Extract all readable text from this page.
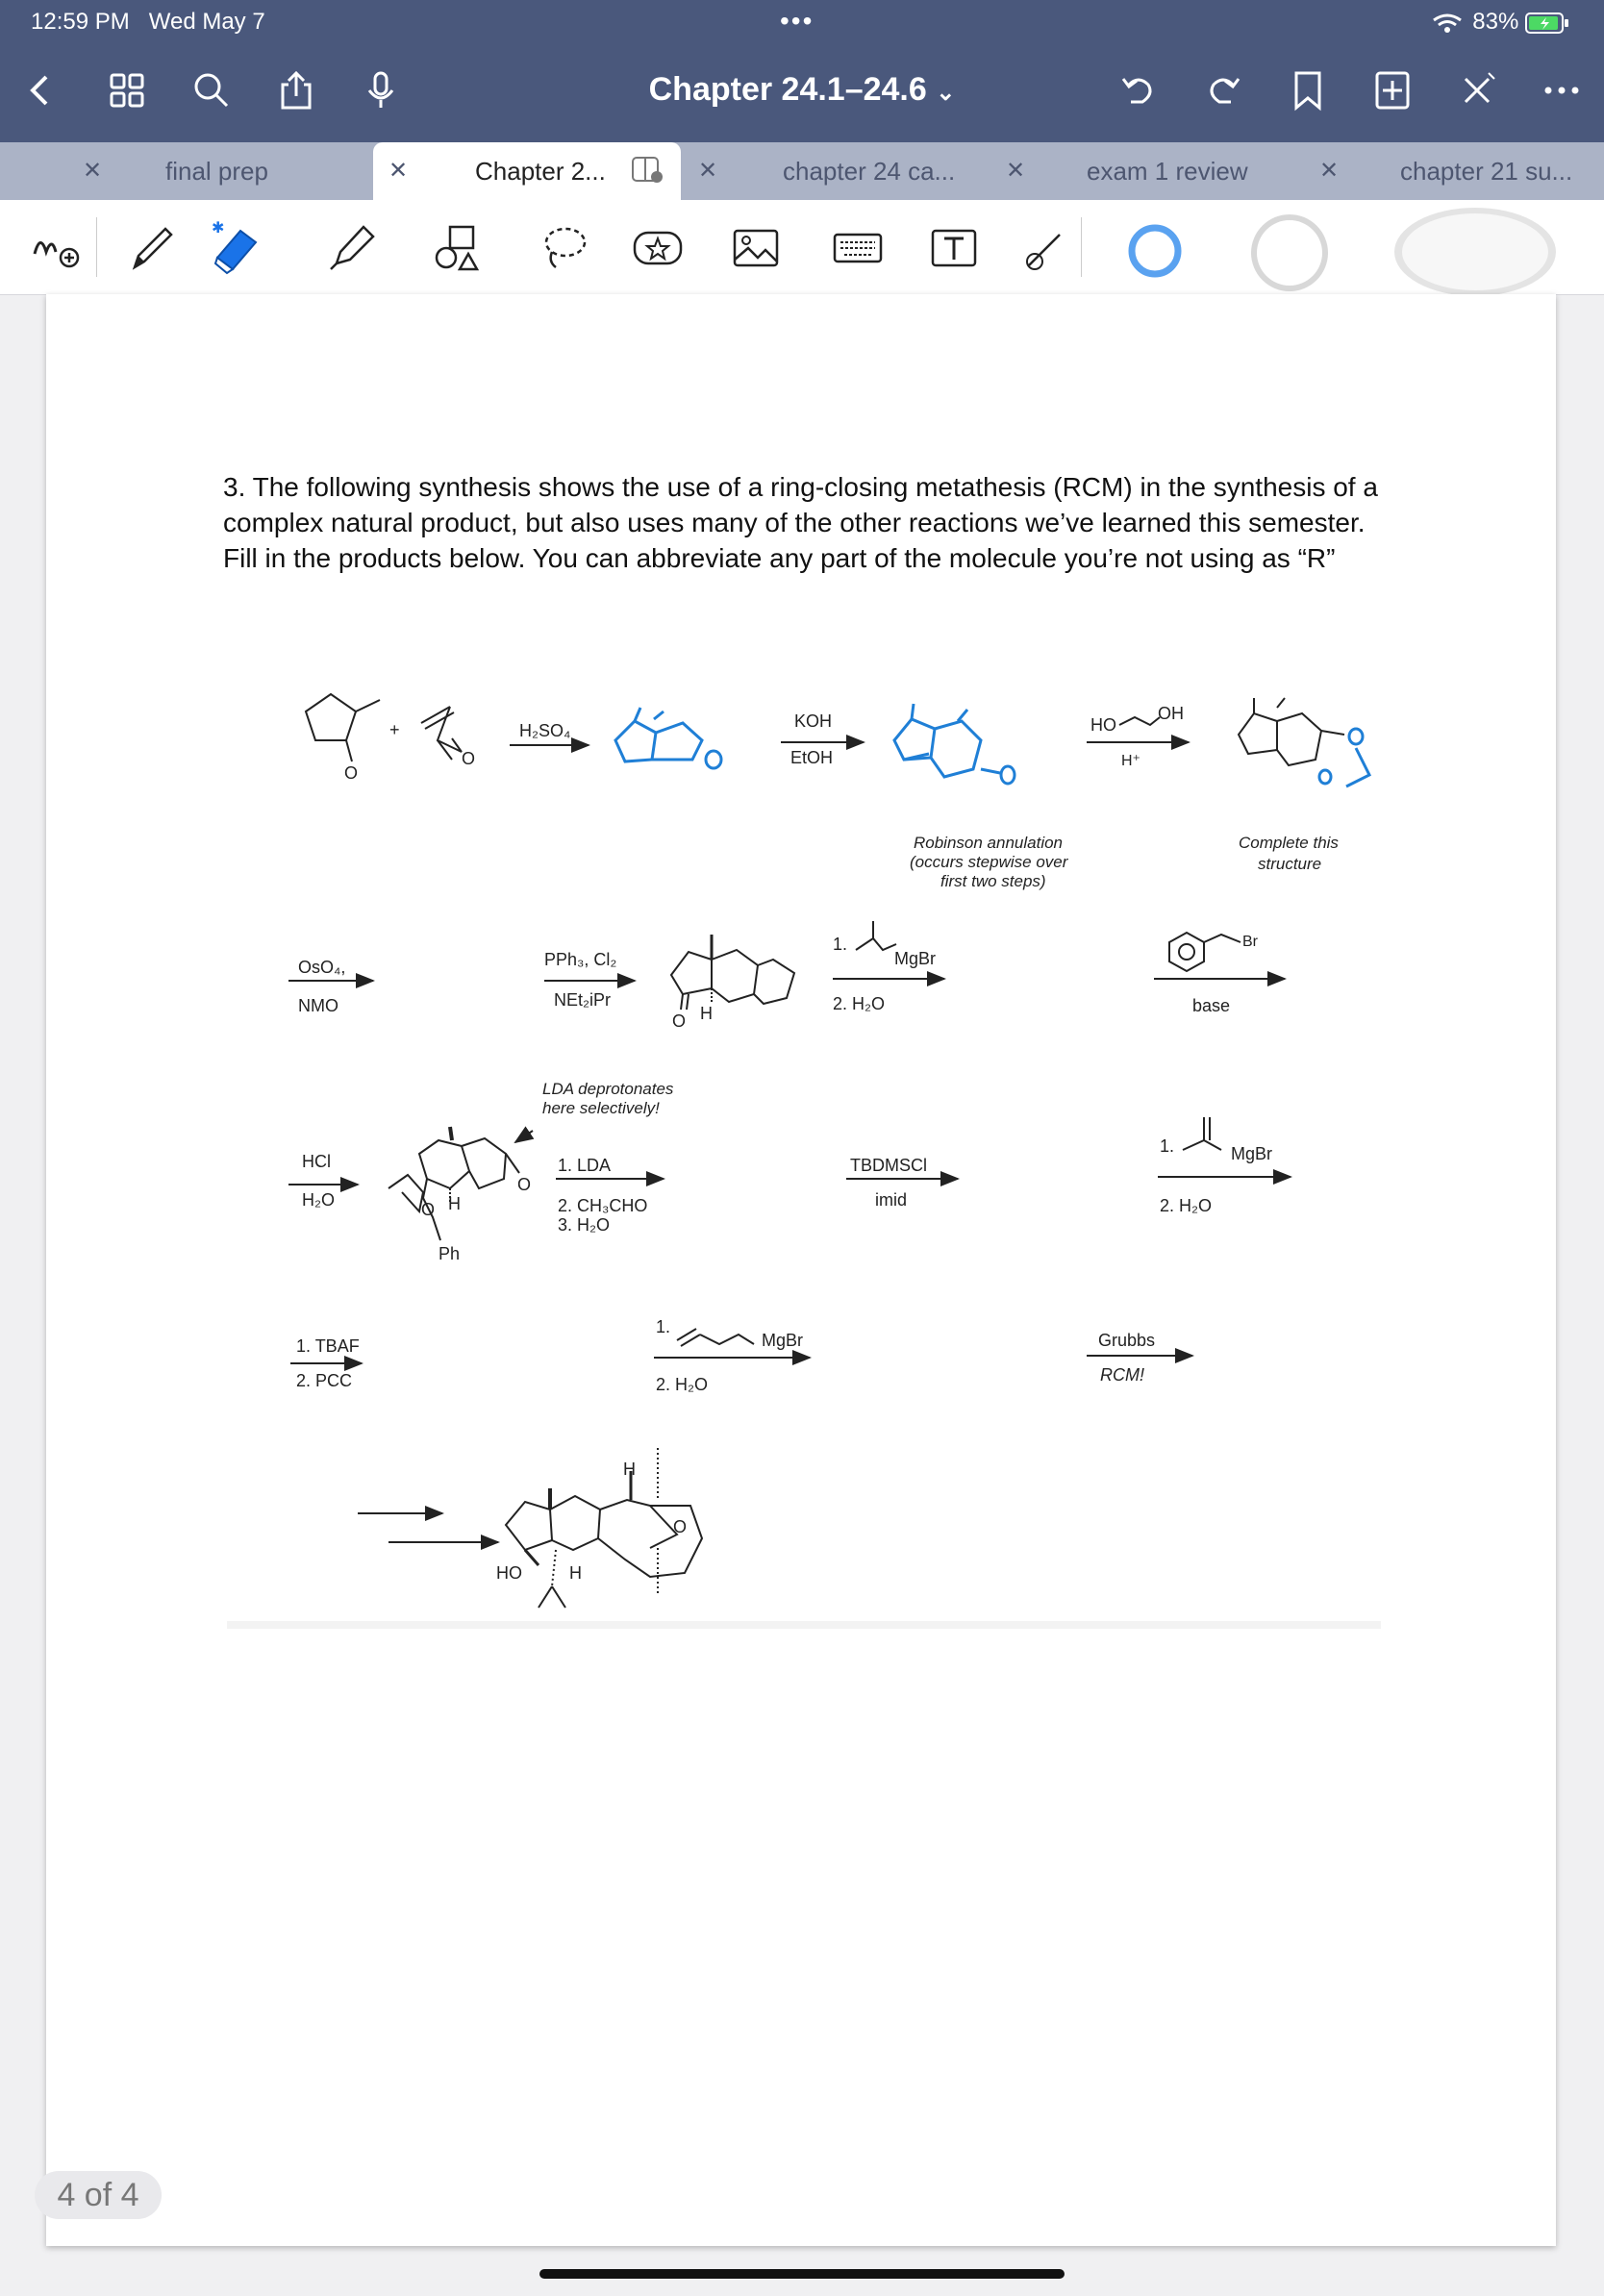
12:59 PM Wed May 7	•••	83%
Chapter 24.1–24.6 ⌄
✕	final prep	✕	Chapter 2...	✕	chapter 24 ca... ✕ exam 1 review	✕ chapter 21 su...
✱
3. The following synthesis shows the use of a ring-closing metathesis (RCM) in the synthesis of a complex natural product, but also uses many of the other reactions we’ve learned this semester. Fill in the products below. You can abbreviate any part of the molecule you’re not using as “R”
O
+
O
H₂SO₄	KOH
EtOH
HO
OH
H⁺
Robinson annulation
(occurs stepwise over
first two steps)
Complete this
structure
OsO₄,
NMO
PPh₃, Cl₂
NEt₂iPr
O H
1.
MgBr
2. H₂O
Br
base
HCl
H₂O
O
O H
Ph
LDA deprotonates
here selectively!
1. LDA
2. CH₃CHO
3. H₂O
TBDMSCl
imid
1.	MgBr
2. H₂O
1. TBAF
2. PCC
1.
MgBr
2. H₂O
Grubbs
RCM!
HO
H
H
O
4 of 4
